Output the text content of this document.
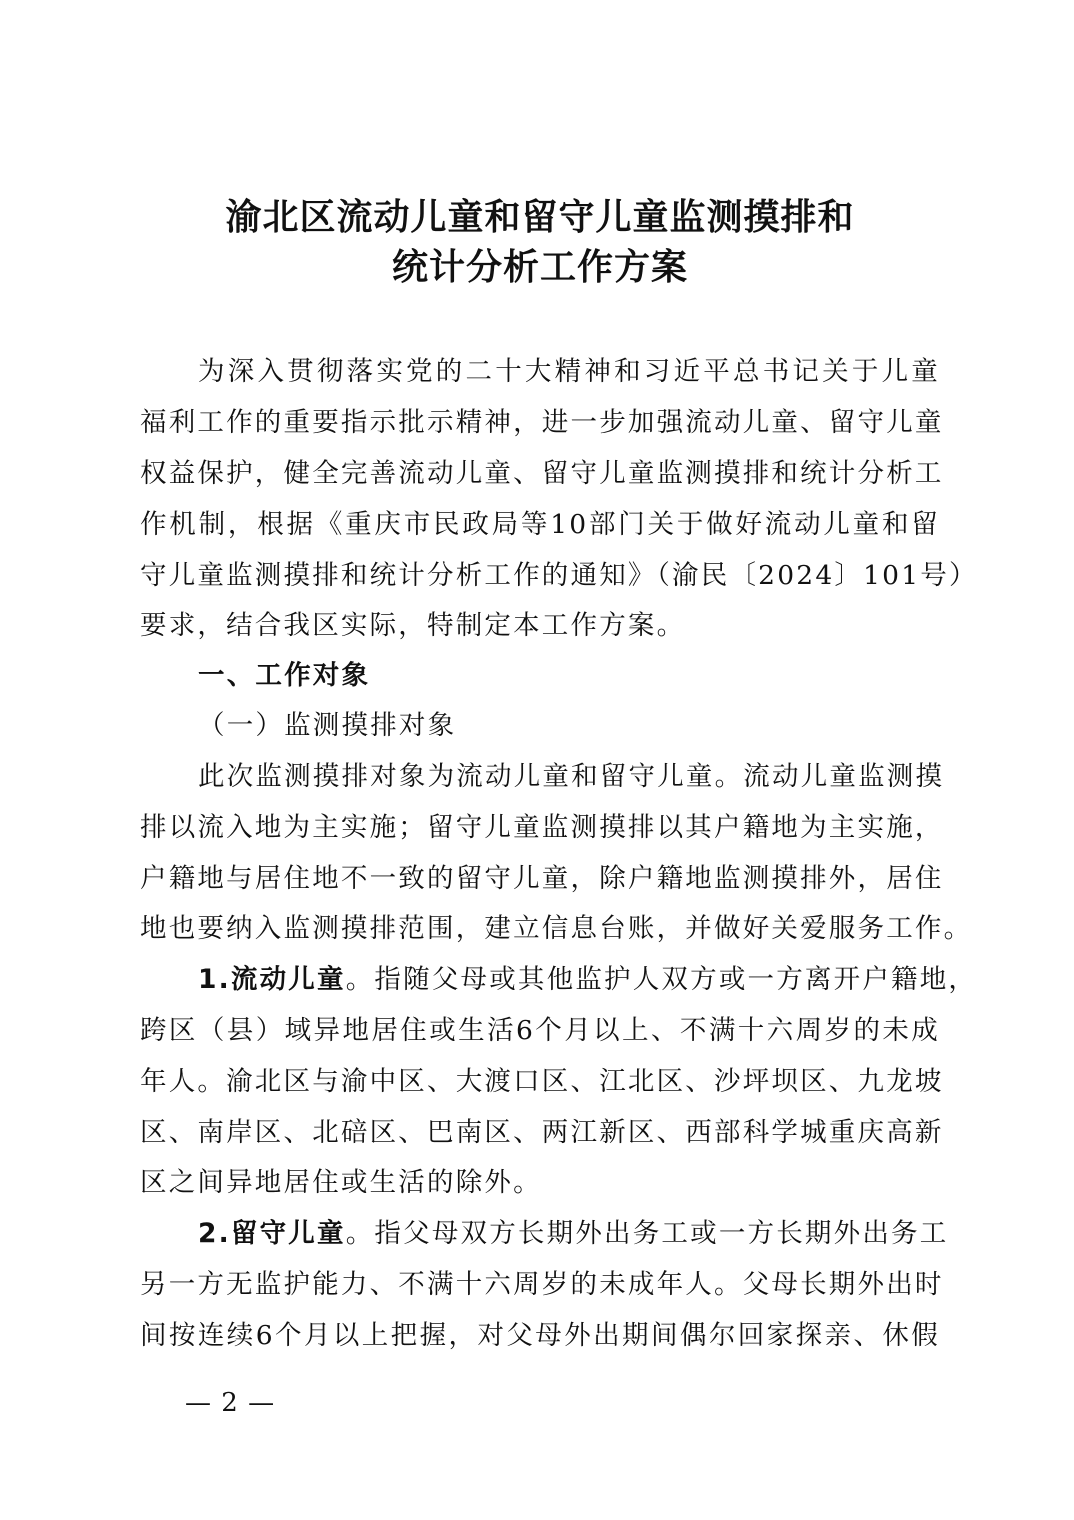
渝北区流动儿童和留守儿童监测摸排和
统计分析工作方案
为深入贯彻落实党的二十大精神和习近平总书记关于儿童
福利工作的重要指示批示精神，进一步加强流动儿童、留守儿童
权益保护，健全完善流动儿童、留守儿童监测摸排和统计分析工
作机制，根据《重庆市民政局等10部门关于做好流动儿童和留
守儿童监测摸排和统计分析工作的通知》（渝民〔2024〕101号）
要求，结合我区实际，特制定本工作方案。
一、工作对象
（一）监测摸排对象
此次监测摸排对象为流动儿童和留守儿童。流动儿童监测摸
排以流入地为主实施；留守儿童监测摸排以其户籍地为主实施，
户籍地与居住地不一致的留守儿童，除户籍地监测摸排外，居住
地也要纳入监测摸排范围，建立信息台账，并做好关爱服务工作。
1.流动儿童。指随父母或其他监护人双方或一方离开户籍地，
跨区（县）域异地居住或生活6个月以上、不满十六周岁的未成
年人。渝北区与渝中区、大渡口区、江北区、沙坪坝区、九龙坡
区、南岸区、北碚区、巴南区、两江新区、西部科学城重庆高新
区之间异地居住或生活的除外。
2.留守儿童。指父母双方长期外出务工或一方长期外出务工
另一方无监护能力、不满十六周岁的未成年人。父母长期外出时
间按连续6个月以上把握，对父母外出期间偶尔回家探亲、休假
— 2 —
